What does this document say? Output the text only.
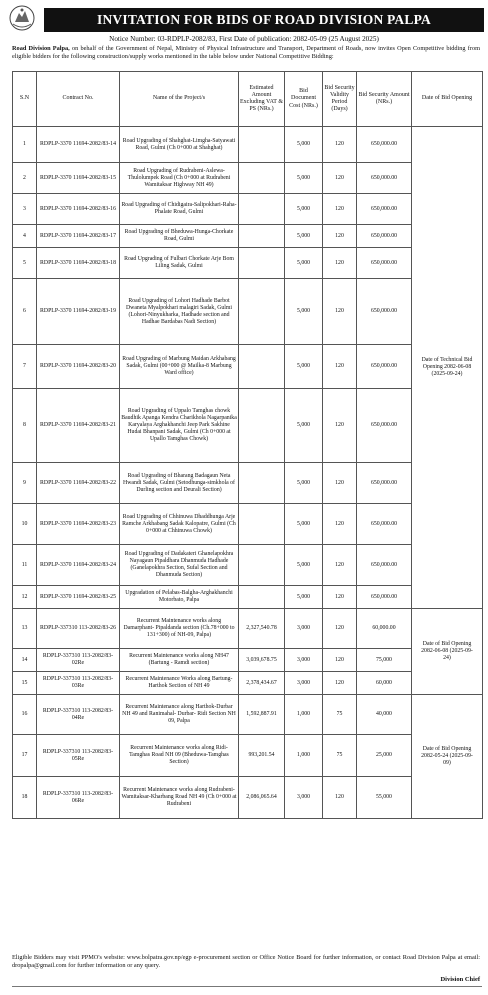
INVITATION FOR BIDS OF ROAD DIVISION PALPA
Notice Number: 03-RDPLP-2082/83, First Date of publication: 2082-05-09 (25 August 2025)
Road Division Palpa, on behalf of the Government of Nepal, Ministry of Physical Infrastructure and Transport, Department of Roads, now invites Open Competitive bidding from eligible bidders for the following construction/supply works mentioned in the table below under National Competitive Bidding:
S.N	Contract No.	Name of the Project/s	Estimated Amount Excluding VAT & PS (NRs.)	Bid Document Cost (NRs.)	Bid Security Validity Period (Days)	Bid Security Amount (NRs.)	Date of Bid Opening
1	RDPLP-3370 11694-2082/83-14	Road Upgrading of Shahghat-Limgha-Satyawati Road, Gulmi (Ch 0+000 at Shahghat)		5,000	120	650,000.00	Date of Technical Bid Opening 2082-06-08 (2025-09-24)
2	RDPLP-3370 11694-2082/83-15	Road Upgrading of Rudrabeni-Aslewa- Thulolumpek Road (Ch 0+000 at Rudrabeni Wamitaksar Highway NH 49)		5,000	120	650,000.00	
3	RDPLP-3370 11694-2082/83-16	Road Upgrading of Chidigaira-Salipokhari-Raha-Phalate Road, Gulmi		5,000	120	650,000.00	
4	RDPLP-3370 11694-2082/83-17	Road Upgrading of Bheduwa-Hunga-Chorkate Road, Gulmi		5,000	120	650,000.00	
5	RDPLP-3370 11694-2082/83-18	Road Upgrading of Fulbari Chorkate Arje Bom Liling Sadak, Gulmi		5,000	120	650,000.00	
6	RDPLP-3370 11694-2082/83-19	Road Upgrading of Lohori Hadhade Barbot Dwaneta Myalpokhari malagiri Sadak, Gulmi (Lohori-Ninyukharka, Hadhade section and Hadhae Bardabas Nadi Section)		5,000	120	650,000.00	
7	RDPLP-3370 11694-2082/83-20	Road Upgrading of Marbung Maidan Arkhabang Sadak, Gulmi (00+000 @ Mailka-8 Marbung Ward office)		5,000	120	650,000.00	
8	RDPLP-3370 11694-2082/83-21	Road Upgrading of Uppalo Tamghas chowk Baudhik Apanga Kendra Charikhola Nagarpanika Karyalaya Arghakhanchi Jeep Park Sakhine Hudai Bhanpani Sadak, Gulmi (Ch 0+000 at Upallo Tamghas Chowk)		5,000	120	650,000.00	
9	RDPLP-3370 11694-2082/83-22	Road Upgrading of Bharang Badagaun Neta Hwandi Sadak, Gulmi (Setodhunga-simkhola of Durling section and Deurali Section)		5,000	120	650,000.00	
10	RDPLP-3370 11694-2082/83-23	Road Upgrading of Chhinuwa Dhaddhunga Arje Ramche Arkhabang Sadak Kalopatre, Gulmi (Ch 0+000 at Chhinuwa Chowk)		5,000	120	650,000.00	
11	RDPLP-3370 11694-2082/83-24	Road Upgrading of Dadakateri Ghanelapokhra Nayagaun Pipaldhara Dhanmuda Hadhade (Ganelapokhra Section, Sufal Section and Dhanmuda Section)		5,000	120	650,000.00	
12	RDPLP-3370 11694-2082/83-25	Upgradation of Pelabas-Balgha-Arghakhanchi Motorbato, Palpa		5,000	120	650,000.00	
13	RDPLP-337310 113-2082/83-26	Recurrent Maintenance works along Damarphant- Pipaldanda section (Ch.78+000 to 131+300) of NH-09, Palpa)	2,327,540.78	3,000	120	60,000.00	Date of Bid Opening 2082-06-08 (2025-09-24)
14	RDPLP-337310 113-2082/83-02Re	Recurrent Maintenance works along NH47 (Bartung - Ramdi section)	3,039,678.75	3,000	120	75,000	
15	RDPLP-337310 113-2082/83-03Re	Recurrent Maintenance Works along Bartung- Harthok Section of NH 49	2,378,434.67	3,000	120	60,000	
16	RDPLP-337310 113-2082/83-04Re	Recurrent Maintenance along Harthok-Durbar NH 49 and Ranimahal- Durbar- Ridi Section NH 09, Palpa	1,592,887.91	1,000	75	40,000	Date of Bid Opening 2082-05-24 (2025-09-09)
17	RDPLP-337310 113-2082/83-05Re	Recurrent Maintenance works along Ridi-Tamghas Road NH 09 (Bheduwa-Tamghas Section)	993,201.54	1,000	75	25,000	
18	RDPLP-337310 113-2082/83-06Re	Recurrent Maintenance works along Rudrabeni- Wamitaksar-Kharbang Road NH 49 (Ch 0+000 at Rudrabeni	2,086,065.64	3,000	120	55,000	
Eligible Bidders may visit PPMO's website: www.bolpatra.gov.np/egp e-procurement section or Office Notice Board for further information, or contact Road Division Palpa at email: dropalpa@gmail.com for further information or any query.
Division Chief
